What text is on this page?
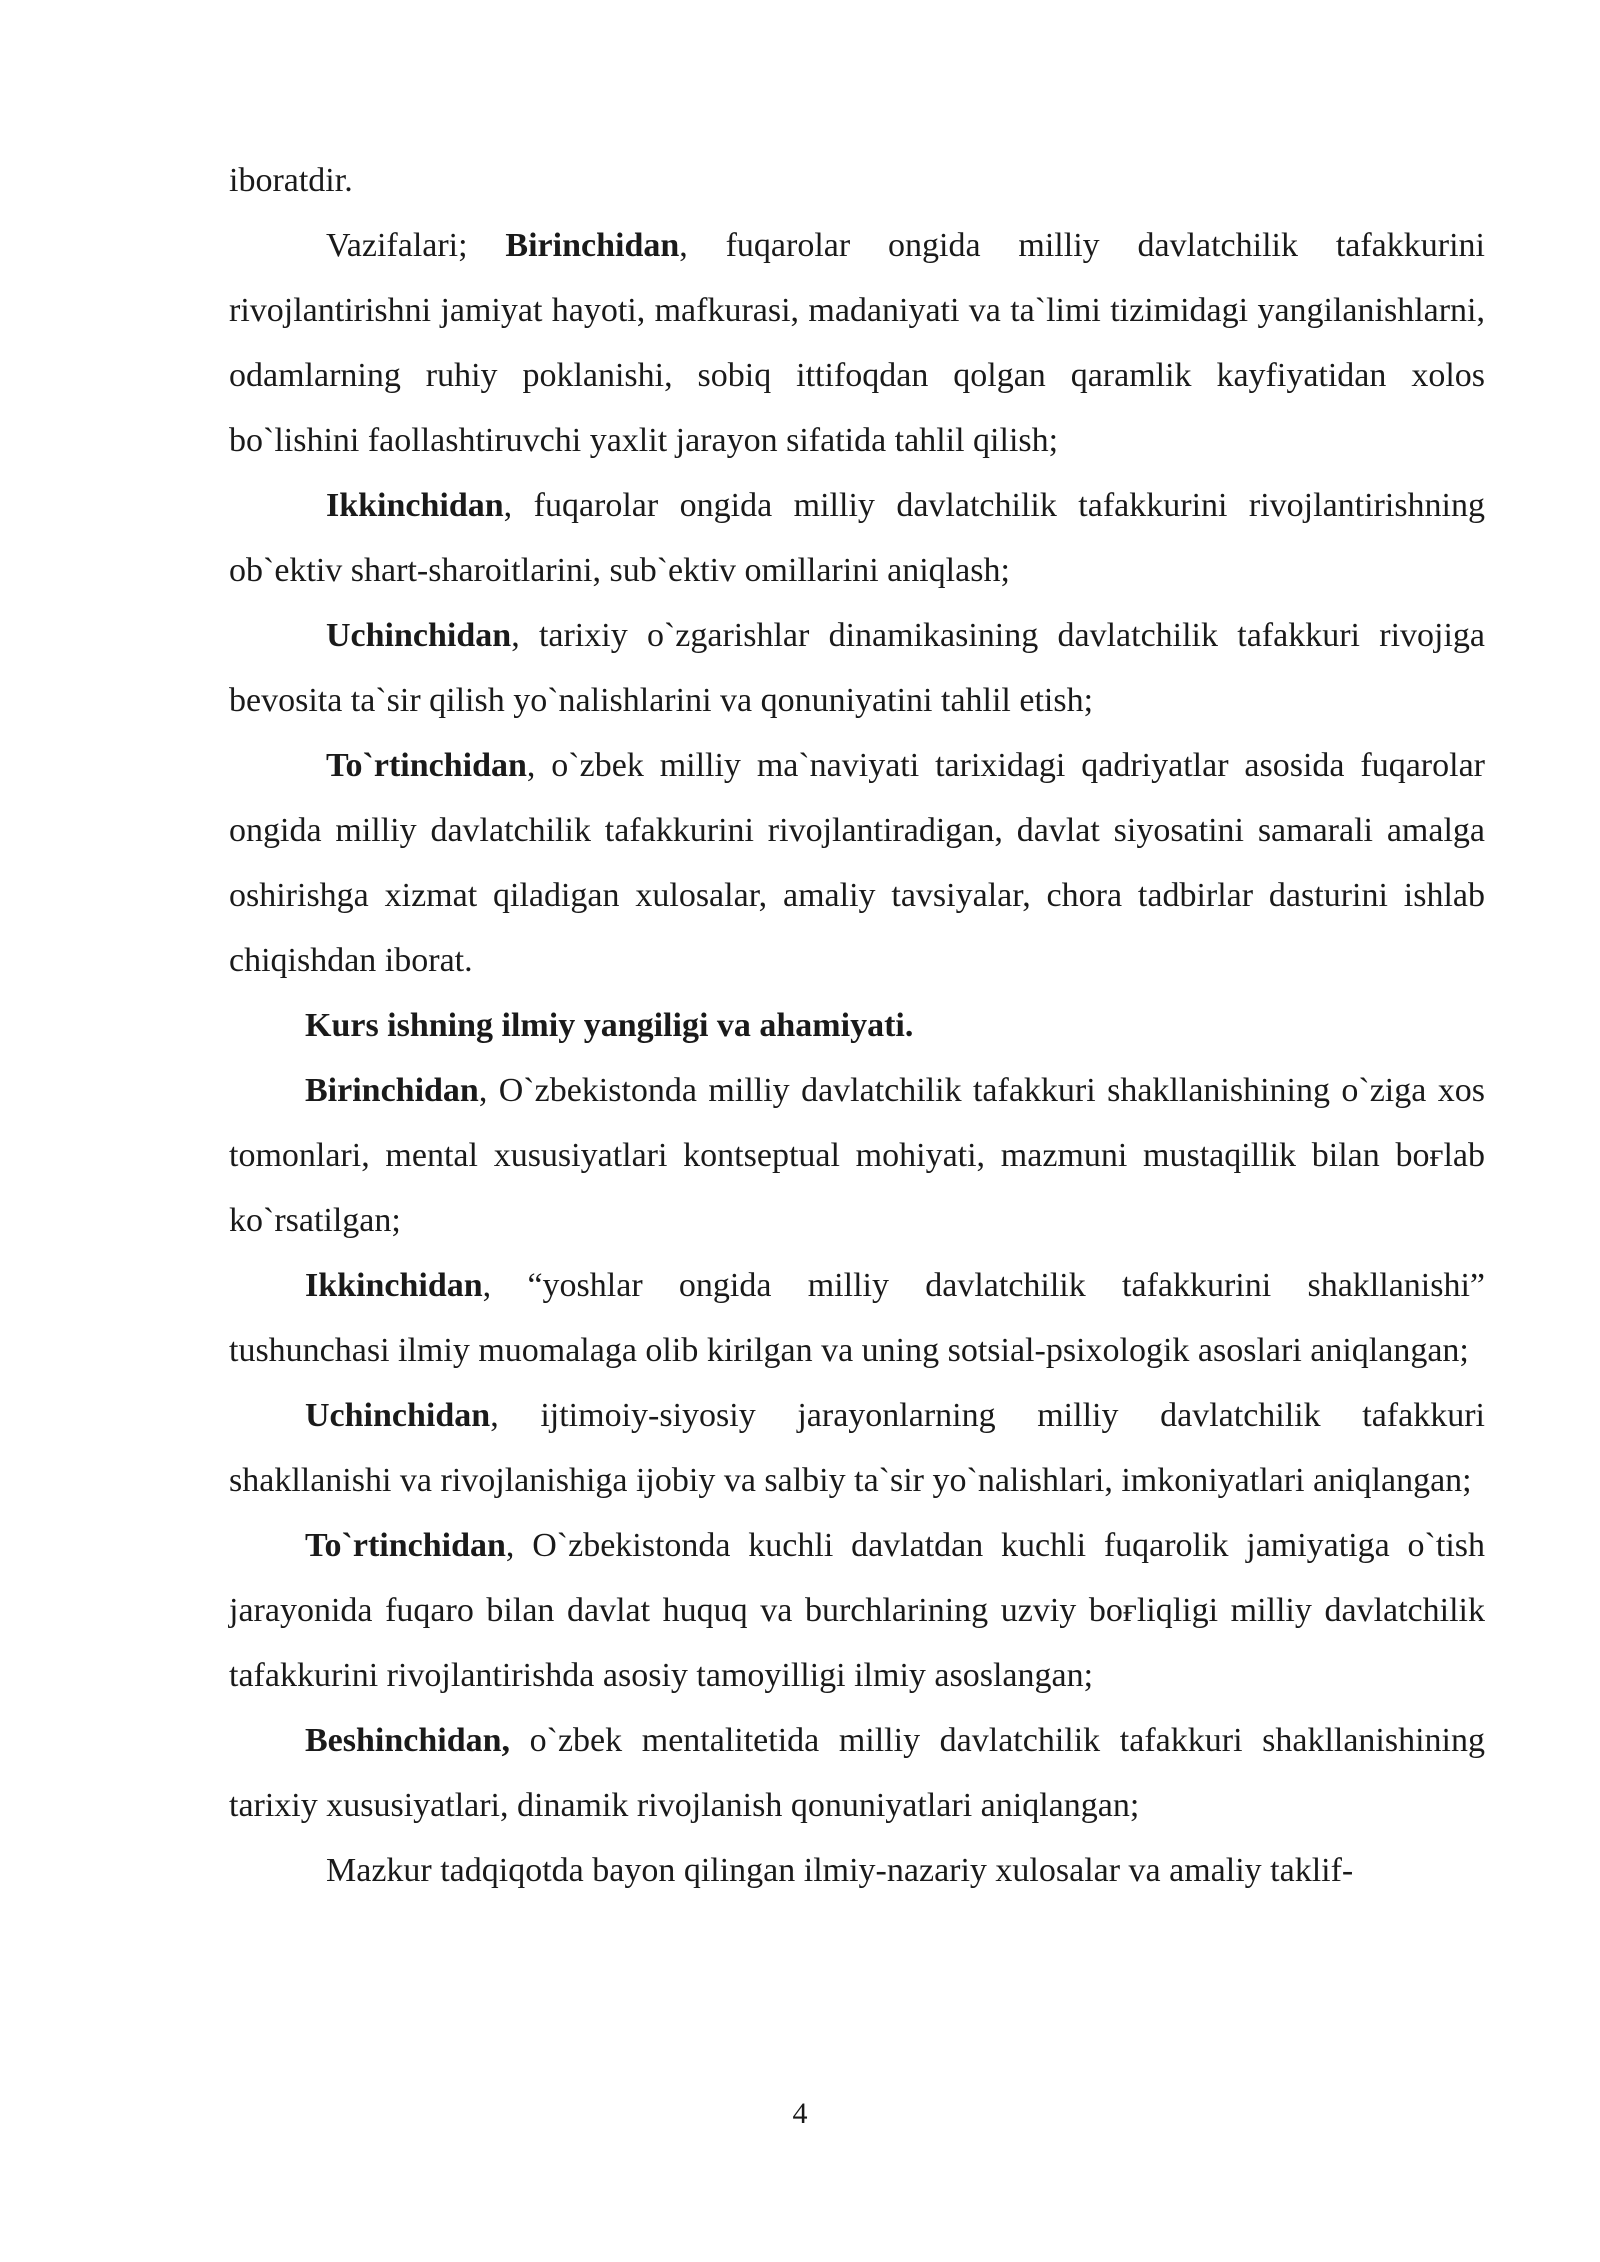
iboratdir.

Vazifalari; Birinchidan, fuqarolar ongida milliy davlatchilik tafakkurini rivojlantirishni jamiyat hayoti, mafkurasi, madaniyati va ta`limi tizimidagi yangilanishlarni, odamlarning ruhiy poklanishi, sobiq ittifoqdan qolgan qaramlik kayfiyatidan xolos bo`lishini faollashtiruvchi yaxlit jarayon sifatida tahlil qilish;

Ikkinchidan, fuqarolar ongida milliy davlatchilik tafakkurini rivojlantirishning ob`ektiv shart-sharoitlarini, sub`ektiv omillarini aniqlash;

Uchinchidan, tarixiy o`zgarishlar dinamikasining davlatchilik tafakkuri rivojiga bevosita ta`sir qilish yo`nalishlarini va qonuniyatini tahlil etish;

To`rtinchidan, o`zbek milliy ma`naviyati tarixidagi qadriyatlar asosida fuqarolar ongida milliy davlatchilik tafakkurini rivojlantiradigan, davlat siyosatini samarali amalga oshirishga xizmat qiladigan xulosalar, amaliy tavsiyalar, chora tadbirlar dasturini ishlab chiqishdan iborat.

Kurs ishning ilmiy yangiligi va ahamiyati.

Birinchidan, O`zbekistonda milliy davlatchilik tafakkuri shakllanishining o`ziga xos tomonlari, mental xususiyatlari kontseptual mohiyati, mazmuni mustaqillik bilan boғlab ko`rsatilgan;

Ikkinchidan, “yoshlar ongida milliy davlatchilik tafakkurini shakllanishi” tushunchasi ilmiy muomalaga olib kirilgan va uning sotsial-psixologik asoslari aniqlangan;

Uchinchidan, ijtimoiy-siyosiy jarayonlarning milliy davlatchilik tafakkuri shakllanishi va rivojlanishiga ijobiy va salbiy ta`sir yo`nalishlari, imkoniyatlari aniqlangan;

To`rtinchidan, O`zbekistonda kuchli davlatdan kuchli fuqarolik jamiyatiga o`tish jarayonida fuqaro bilan davlat huquq va burchlarining uzviy boғliqligi milliy davlatchilik tafakkurini rivojlantirishda asosiy tamoyilligi ilmiy asoslangan;

Beshinchidan, o`zbek mentalitetida milliy davlatchilik tafakkuri shakllanishining tarixiy xususiyatlari, dinamik rivojlanish qonuniyatlari aniqlangan;

Mazkur tadqiqotda bayon qilingan ilmiy-nazariy xulosalar va amaliy taklif-

4
